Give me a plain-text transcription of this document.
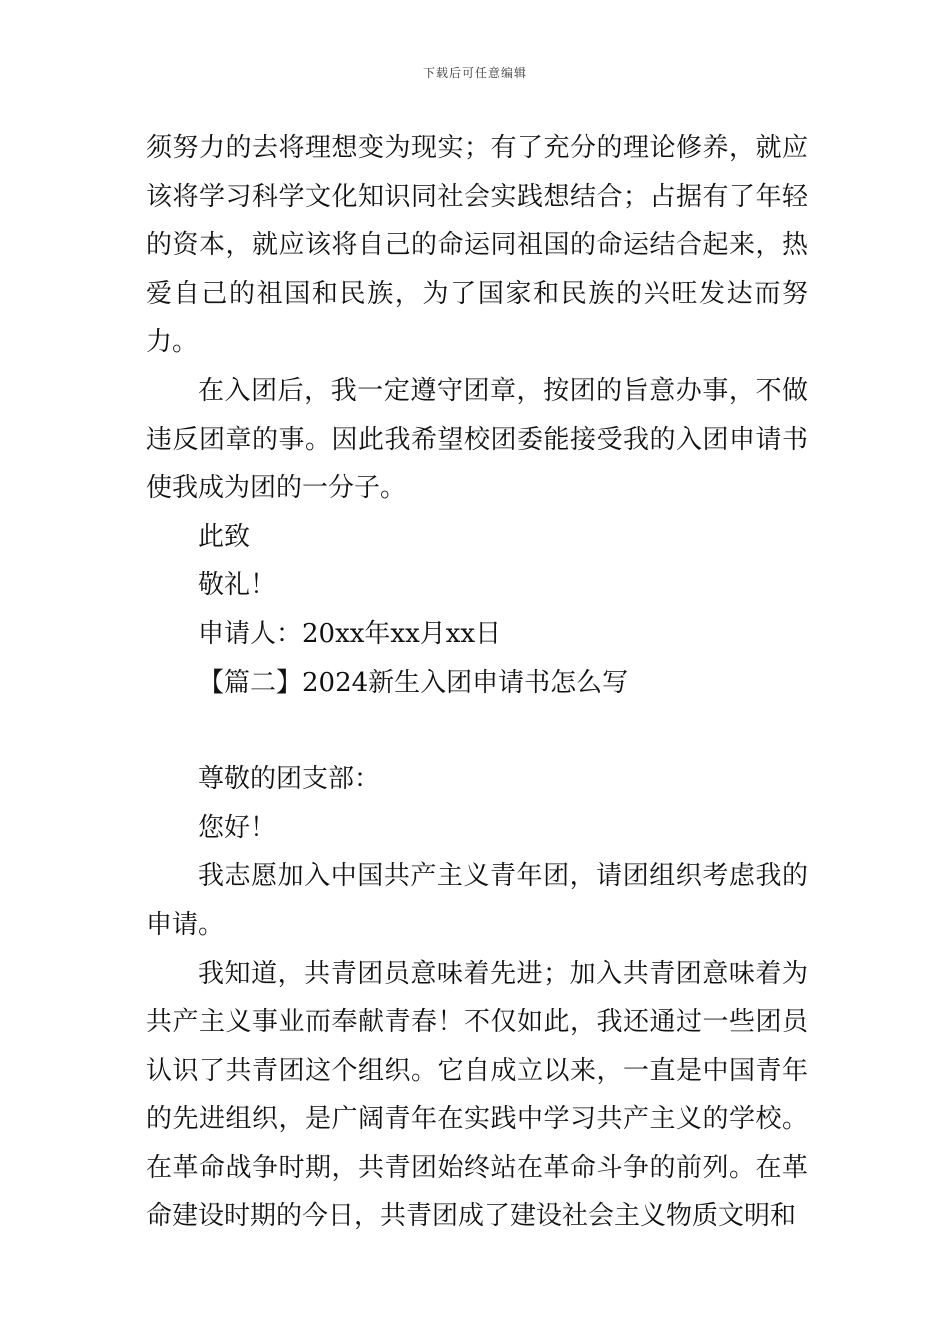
下载后可任意编辑

须努力的去将理想变为现实；有了充分的理论修养，就应该将学习科学文化知识同社会实践想结合；占据有了年轻的资本，就应该将自己的命运同祖国的命运结合起来，热爱自己的祖国和民族，为了国家和民族的兴旺发达而努力。

在入团后，我一定遵守团章，按团的旨意办事，不做违反团章的事。因此我希望校团委能接受我的入团申请书使我成为团的一分子。

此致

敬礼！

申请人：20xx年xx月xx日

【篇二】2024新生入团申请书怎么写

尊敬的团支部：

您好！

我志愿加入中国共产主义青年团，请团组织考虑我的申请。

我知道，共青团员意味着先进；加入共青团意味着为共产主义事业而奉献青春！不仅如此，我还通过一些团员认识了共青团这个组织。它自成立以来，一直是中国青年的先进组织，是广阔青年在实践中学习共产主义的学校。在革命战争时期，共青团始终站在革命斗争的前列。在革命建设时期的今日，共青团成了建设社会主义物质文明和
